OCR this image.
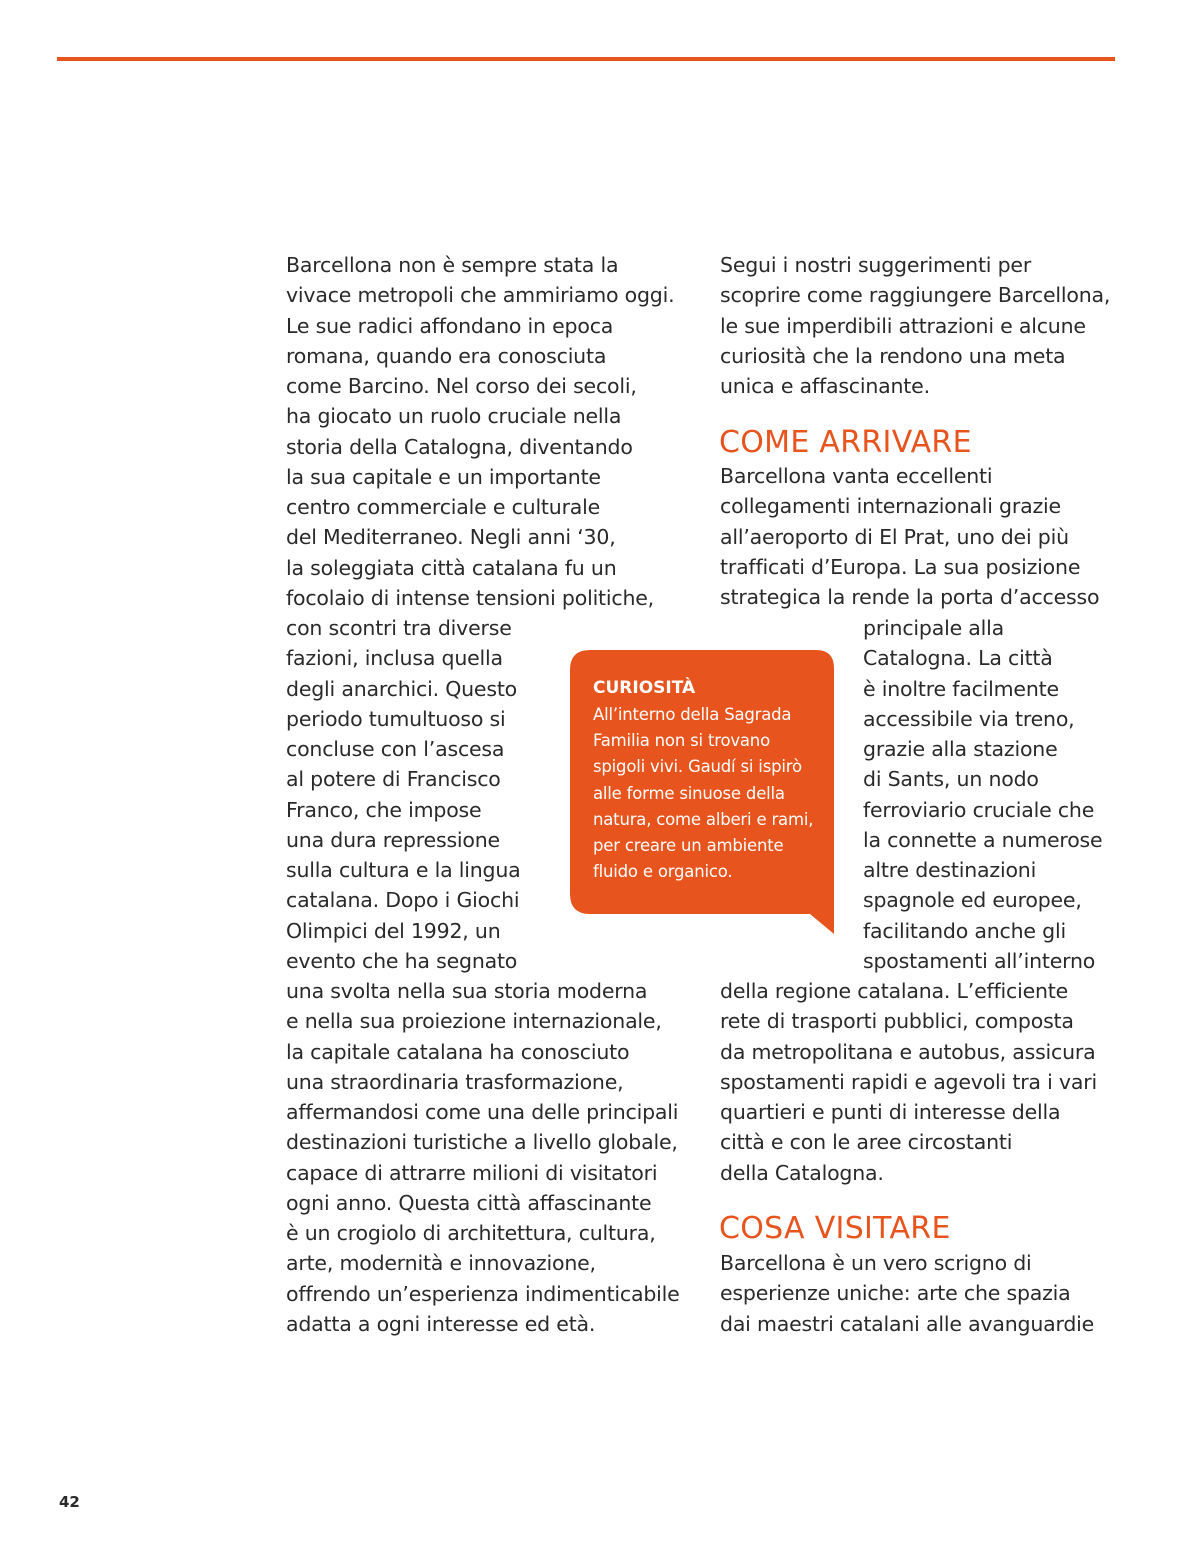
Barcellona non è sempre stata la
vivace metropoli che ammiriamo oggi.
Le sue radici affondano in epoca
romana, quando era conosciuta
come Barcino. Nel corso dei secoli,
ha giocato un ruolo cruciale nella
storia della Catalogna, diventando
la sua capitale e un importante
centro commerciale e culturale
del Mediterraneo. Negli anni ‘30,
la soleggiata città catalana fu un
focolaio di intense tensioni politiche,
con scontri tra diverse
fazioni, inclusa quella
degli anarchici. Questo
periodo tumultuoso si
concluse con l’ascesa
al potere di Francisco
Franco, che impose
una dura repressione
sulla cultura e la lingua
catalana. Dopo i Giochi
Olimpici del 1992, un
evento che ha segnato
una svolta nella sua storia moderna
e nella sua proiezione internazionale,
la capitale catalana ha conosciuto
una straordinaria trasformazione,
affermandosi come una delle principali
destinazioni turistiche a livello globale,
capace di attrarre milioni di visitatori
ogni anno. Questa città affascinante
è un crogiolo di architettura, cultura,
arte, modernità e innovazione,
offrendo un’esperienza indimenticabile
adatta a ogni interesse ed età.
Segui i nostri suggerimenti per
scoprire come raggiungere Barcellona,
le sue imperdibili attrazioni e alcune
curiosità che la rendono una meta
unica e affascinante.
COME ARRIVARE
Barcellona vanta eccellenti
collegamenti internazionali grazie
all’aeroporto di El Prat, uno dei più
trafficati d’Europa. La sua posizione
strategica la rende la porta d’accesso
principale alla
Catalogna. La città
è inoltre facilmente
accessibile via treno,
grazie alla stazione
di Sants, un nodo
ferroviario cruciale che
la connette a numerose
altre destinazioni
spagnole ed europee,
facilitando anche gli
spostamenti all’interno
della regione catalana. L’efficiente
rete di trasporti pubblici, composta
da metropolitana e autobus, assicura
spostamenti rapidi e agevoli tra i vari
quartieri e punti di interesse della
città e con le aree circostanti
della Catalogna.
COSA VISITARE
Barcellona è un vero scrigno di
esperienze uniche: arte che spazia
dai maestri catalani alle avanguardie

CURIOSITÀ

All’interno della Sagrada
Familia non si trovano
spigoli vivi. Gaudí si ispirò
alle forme sinuose della
natura, come alberi e rami,
per creare un ambiente
fluido e organico.

42
